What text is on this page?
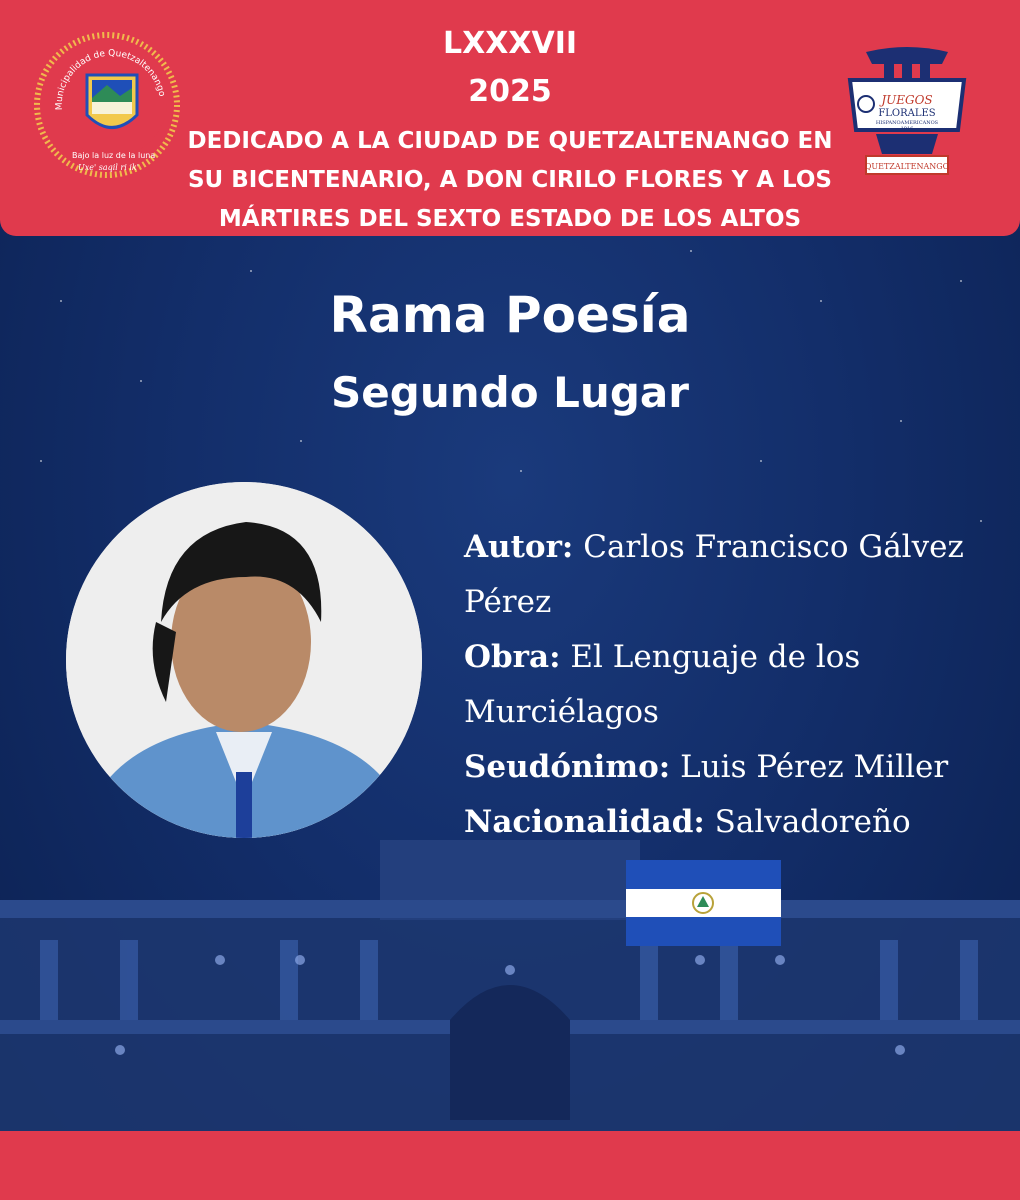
LXXXVII
2025
DEDICADO A LA CIUDAD DE QUETZALTENANGO EN
SU BICENTENARIO, A DON CIRILO FLORES Y A LOS
MÁRTIRES DEL SEXTO ESTADO DE LOS ALTOS
Municipalidad de Quetzaltenango
Bajo la luz de la luna
Uxe' saqil ri ik'
JUEGOS
FLORALES
HISPANOAMERICANOS
1916
QUETZALTENANGO
Rama Poesía
Segundo Lugar
Autor: Carlos Francisco Gálvez Pérez
Obra: El Lenguaje de los Murciélagos
Seudónimo: Luis Pérez Miller
Nacionalidad: Salvadoreño
